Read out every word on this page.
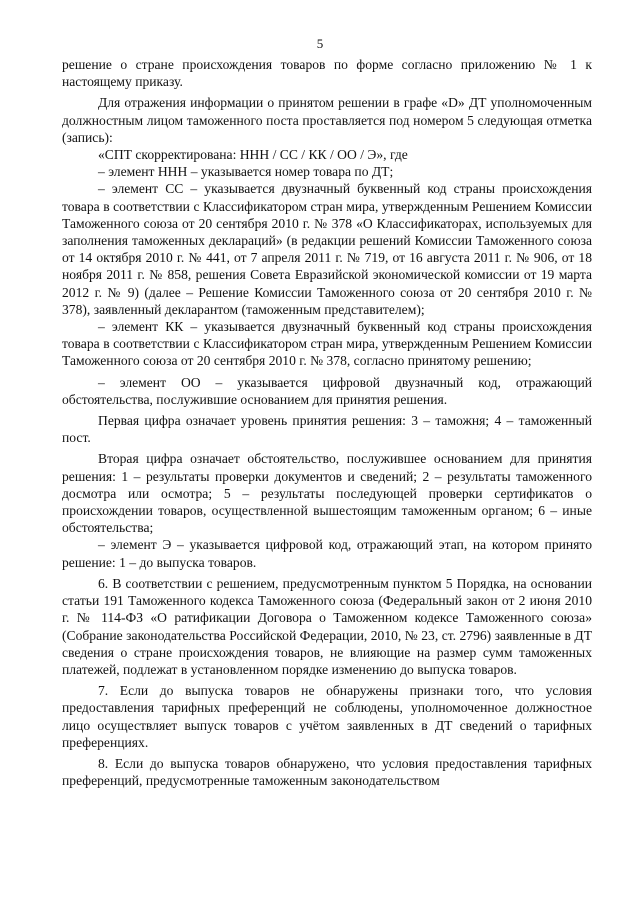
5

решение о стране происхождения товаров по форме согласно приложению № 1 к настоящему приказу.

Для отражения информации о принятом решении в графе «D» ДТ уполномоченным должностным лицом таможенного поста проставляется под номером 5 следующая отметка (запись):

«СПТ скорректирована: ННН / СС / КК / ОО / Э», где

– элемент ННН – указывается номер товара по ДТ;

– элемент СС – указывается двузначный буквенный код страны происхождения товара в соответствии с Классификатором стран мира, утвержденным Решением Комиссии Таможенного союза от 20 сентября 2010 г. № 378 «О Классификаторах, используемых для заполнения таможенных деклараций» (в редакции решений Комиссии Таможенного союза от 14 октября 2010 г. № 441, от 7 апреля 2011 г. № 719, от 16 августа 2011 г. № 906, от 18 ноября 2011 г. № 858, решения Совета Евразийской экономической комиссии от 19 марта 2012 г. № 9) (далее – Решение Комиссии Таможенного союза от 20 сентября 2010 г. № 378), заявленный декларантом (таможенным представителем);

– элемент КК – указывается двузначный буквенный код страны происхождения товара в соответствии с Классификатором стран мира, утвержденным Решением Комиссии Таможенного союза от 20 сентября 2010 г. № 378, согласно принятому решению;

– элемент ОО – указывается цифровой двузначный код, отражающий обстоятельства, послужившие основанием для принятия решения.

Первая цифра означает уровень принятия решения: 3 – таможня; 4 – таможенный пост.

Вторая цифра означает обстоятельство, послужившее основанием для принятия решения: 1 – результаты проверки документов и сведений; 2 – результаты таможенного досмотра или осмотра; 5 – результаты последующей проверки сертификатов о происхождении товаров, осуществленной вышестоящим таможенным органом; 6 – иные обстоятельства;

– элемент Э – указывается цифровой код, отражающий этап, на котором принято решение: 1 – до выпуска товаров.

6. В соответствии с решением, предусмотренным пунктом 5 Порядка, на основании статьи 191 Таможенного кодекса Таможенного союза (Федеральный закон от 2 июня 2010 г. № 114-ФЗ «О ратификации Договора о Таможенном кодексе Таможенного союза» (Собрание законодательства Российской Федерации, 2010, № 23, ст. 2796) заявленные в ДТ сведения о стране происхождения товаров, не влияющие на размер сумм таможенных платежей, подлежат в установленном порядке изменению до выпуска товаров.

7. Если до выпуска товаров не обнаружены признаки того, что условия предоставления тарифных преференций не соблюдены, уполномоченное должностное лицо осуществляет выпуск товаров с учётом заявленных в ДТ сведений о тарифных преференциях.

8. Если до выпуска товаров обнаружено, что условия предоставления тарифных преференций, предусмотренные таможенным законодательством
